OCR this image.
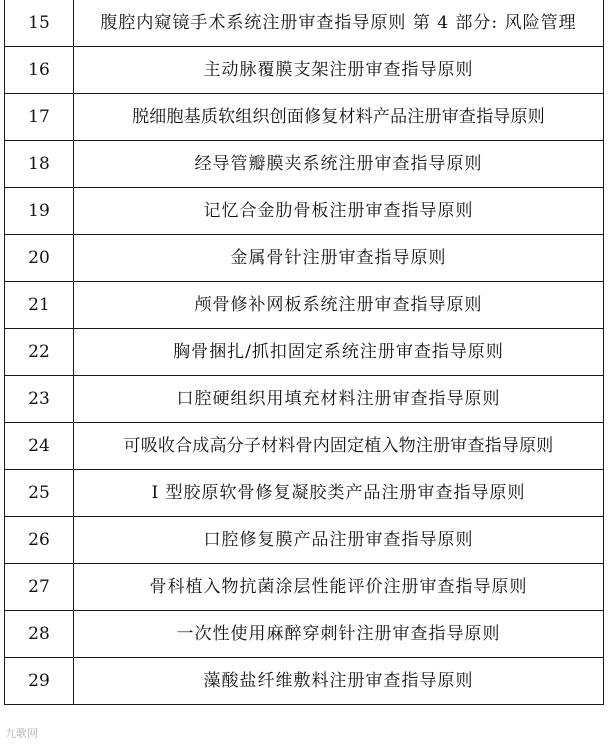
15	腹腔内窥镜手术系统注册审查指导原则 第 4 部分: 风险管理
16	主动脉覆膜支架注册审查指导原则
17	脱细胞基质软组织创面修复材料产品注册审查指导原则
18	经导管瓣膜夹系统注册审查指导原则
19	记忆合金肋骨板注册审查指导原则
20	金属骨针注册审查指导原则
21	颅骨修补网板系统注册审查指导原则
22	胸骨捆扎/抓扣固定系统注册审查指导原则
23	口腔硬组织用填充材料注册审查指导原则
24	可吸收合成高分子材料骨内固定植入物注册审查指导原则
25	I 型胶原软骨修复凝胶类产品注册审查指导原则
26	口腔修复膜产品注册审查指导原则
27	骨科植入物抗菌涂层性能评价注册审查指导原则
28	一次性使用麻醉穿刺针注册审查指导原则
29	藻酸盐纤维敷料注册审查指导原则
九歌网
